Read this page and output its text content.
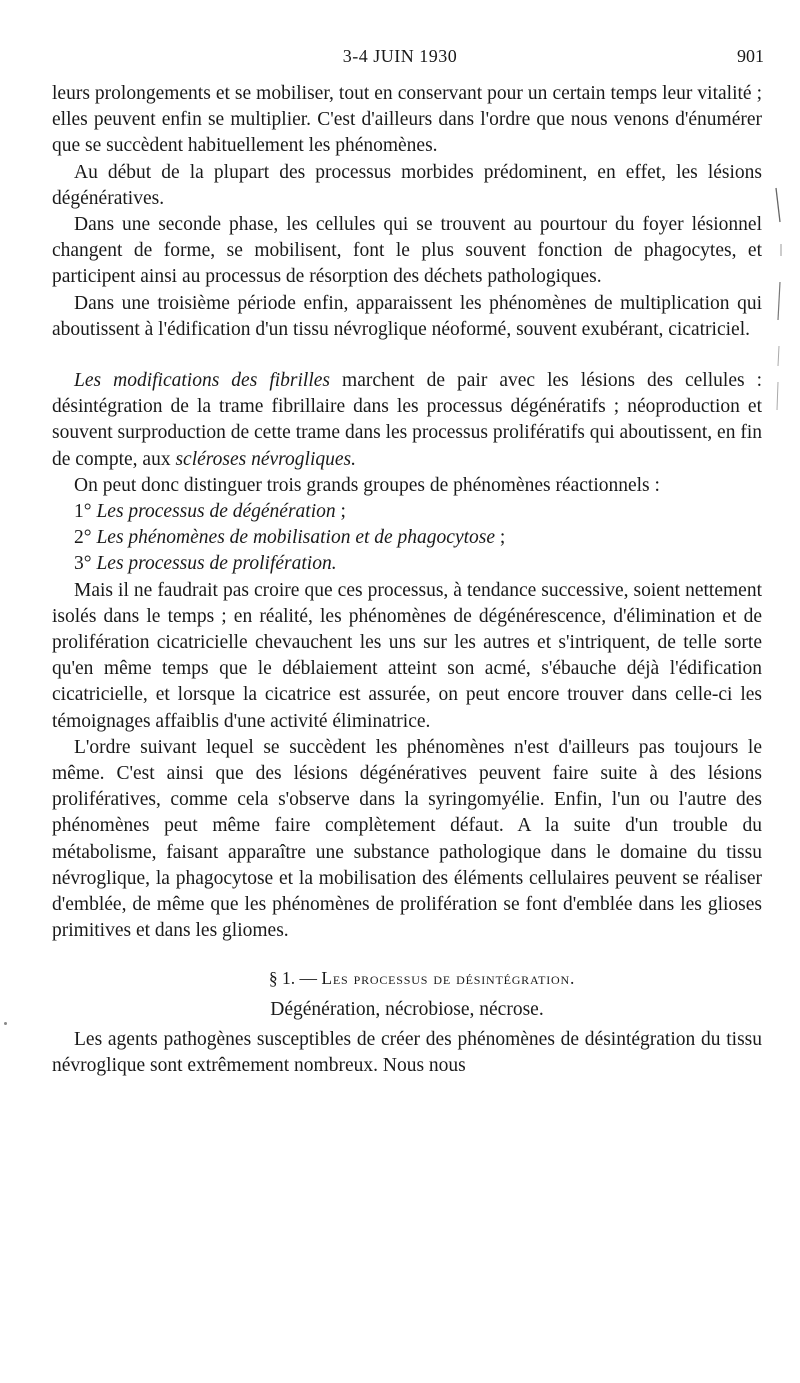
3-4 JUIN 1930	901

leurs prolongements et se mobiliser, tout en conservant pour un certain temps leur vitalité ; elles peuvent enfin se multiplier. C'est d'ailleurs dans l'ordre que nous venons d'énumérer que se succèdent habituellement les phénomènes.

Au début de la plupart des processus morbides prédominent, en effet, les lésions dégénératives.

Dans une seconde phase, les cellules qui se trouvent au pourtour du foyer lésionnel changent de forme, se mobilisent, font le plus souvent fonction de phagocytes, et participent ainsi au processus de résorption des déchets pathologiques.

Dans une troisième période enfin, apparaissent les phénomènes de multiplication qui aboutissent à l'édification d'un tissu névroglique néoformé, souvent exubérant, cicatriciel.

Les modifications des fibrilles marchent de pair avec les lésions des cellules : désintégration de la trame fibrillaire dans les processus dégénératifs ; néoproduction et souvent surproduction de cette trame dans les processus prolifératifs qui aboutissent, en fin de compte, aux scléroses névrogliques.

On peut donc distinguer trois grands groupes de phénomènes réactionnels :

1° Les processus de dégénération ;

2° Les phénomènes de mobilisation et de phagocytose ;

3° Les processus de prolifération.

Mais il ne faudrait pas croire que ces processus, à tendance successive, soient nettement isolés dans le temps ; en réalité, les phénomènes de dégénérescence, d'élimination et de prolifération cicatricielle chevauchent les uns sur les autres et s'intriquent, de telle sorte qu'en même temps que le déblaiement atteint son acmé, s'ébauche déjà l'édification cicatricielle, et lorsque la cicatrice est assurée, on peut encore trouver dans celle-ci les témoignages affaiblis d'une activité éliminatrice.

L'ordre suivant lequel se succèdent les phénomènes n'est d'ailleurs pas toujours le même. C'est ainsi que des lésions dégénératives peuvent faire suite à des lésions prolifératives, comme cela s'observe dans la syringomyélie. Enfin, l'un ou l'autre des phénomènes peut même faire complètement défaut. A la suite d'un trouble du métabolisme, faisant apparaître une substance pathologique dans le domaine du tissu névroglique, la phagocytose et la mobilisation des éléments cellulaires peuvent se réaliser d'emblée, de même que les phénomènes de prolifération se font d'emblée dans les glioses primitives et dans les gliomes.

§ 1. — Les processus de désintégration.

Dégénération, nécrobiose, nécrose.

Les agents pathogènes susceptibles de créer des phénomènes de désintégration du tissu névroglique sont extrêmement nombreux. Nous nous
